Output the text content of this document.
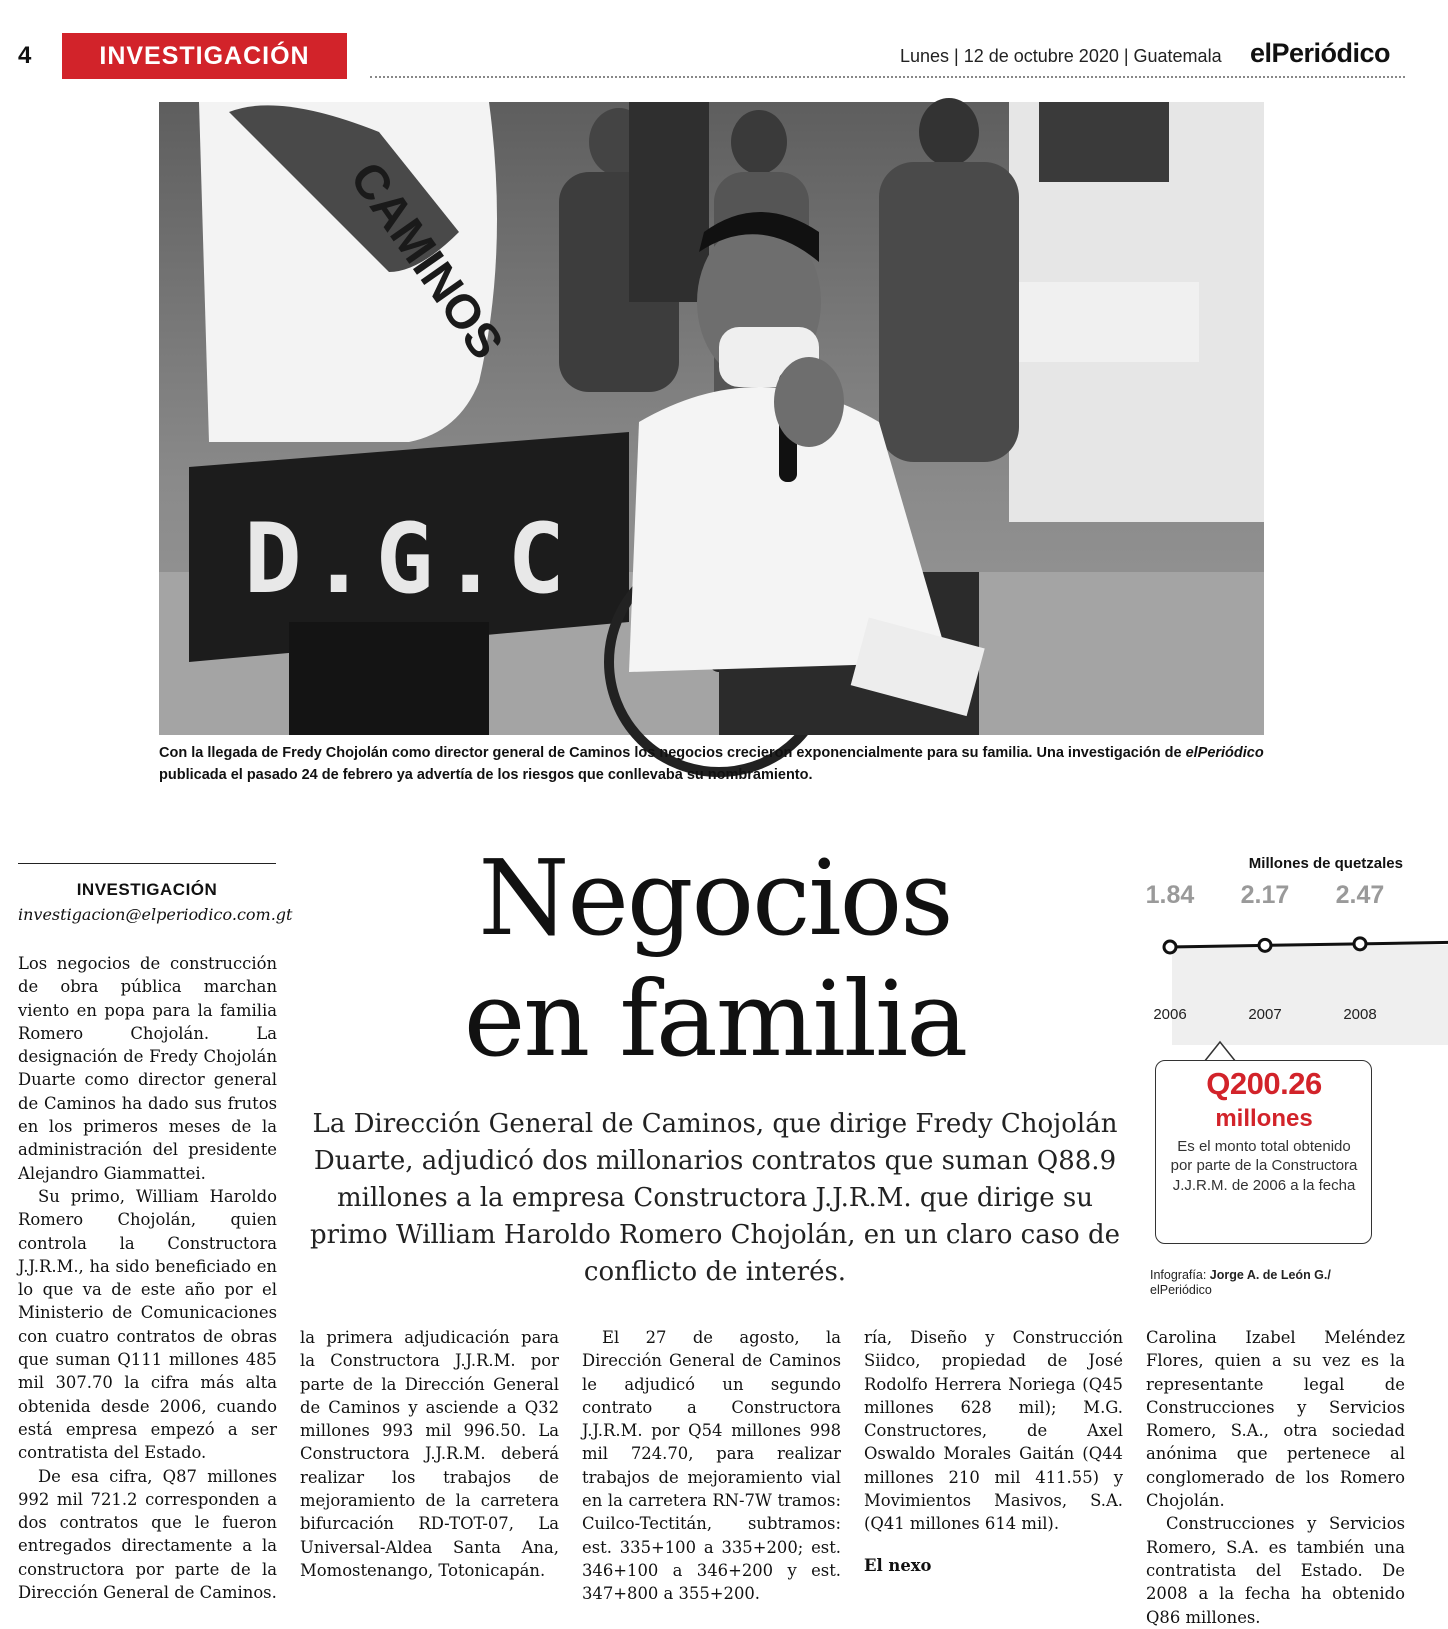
4	INVESTIGACIÓN	Lunes | 12 de octubre 2020 | Guatemala elPeriódico
CAMINOS
D.G.C
Con la llegada de Fredy Chojolán como director general de Caminos los negocios crecieron exponencialmente para su familia. Una investigación de elPeriódico publicada el pasado 24 de febrero ya advertía de los riesgos que conllevaba su nombramiento.
INVESTIGACIÓN
investigacion@elperiodico.com.gt	Negocios
en familia
La Dirección General de Caminos, que dirige Fredy Chojolán Duarte, adjudicó dos millonarios contratos que suman Q88.9 millones a la empresa Constructora J.J.R.M. que dirige su primo William Haroldo Romero Chojolán, en un claro caso de conflicto de interés.

Los negocios de construcción de obra pública marchan viento en popa para la familia Romero Chojolán. La designación de Fredy Chojolán Duarte como director general de Caminos ha dado sus frutos en los primeros meses de la administración del presidente Alejandro Giammattei.

Su primo, William Haroldo Romero Chojolán, quien controla la Constructora J.J.R.M., ha sido beneficiado en lo que va de este año por el Ministerio de Comunicaciones con cuatro contratos de obras que suman Q111 millones 485 mil 307.70 la cifra más alta obtenida desde 2006, cuando está empresa empezó a ser contratista del Estado.

De esa cifra, Q87 millones 992 mil 721.2 corresponden a dos contratos que le fueron entregados directamente a la constructora por parte de la Dirección General de Caminos.

la primera adjudicación para la Constructora J.J.R.M. por parte de la Dirección General de Caminos y asciende a Q32 millones 993 mil 996.50. La Constructora J.J.R.M. deberá realizar los trabajos de mejoramiento de la carretera bifurcación RD-TOT-07, La Universal-Aldea Santa Ana, Momostenango, Totonicapán.

El 27 de agosto, la Dirección General de Caminos le adjudicó un segundo contrato a Constructora J.J.R.M. por Q54 millones 998 mil 724.70, para realizar trabajos de mejoramiento vial en la carretera RN-7W tramos: Cuilco-Tectitán, subtramos: est. 335+100 a 335+200; est. 346+100 a 346+200 y est. 347+800 a 355+200.

ría, Diseño y Construcción Siidco, propiedad de José Rodolfo Herrera Noriega (Q45 millones 628 mil); M.G. Constructores, de Axel Oswaldo Morales Gaitán (Q44 millones 210 mil 411.55) y Movimientos Masivos, S.A. (Q41 millones 614 mil).

El nexo

Carolina Izabel Meléndez Flores, quien a su vez es la representante legal de Construcciones y Servicios Romero, S.A., otra sociedad anónima que pertenece al conglomerado de los Romero Chojolán.

Construcciones y Servicios Romero, S.A. es también una contratista del Estado. De 2008 a la fecha ha obtenido Q86 millones.

Millones de quetzales
1.84
2006
2.17
2007
2.47
2008
Q200.26
millones
Es el monto total obtenido por parte de la Constructora J.J.R.M. de 2006 a la fecha
Infografía: Jorge A. de León G./
elPeriódico
